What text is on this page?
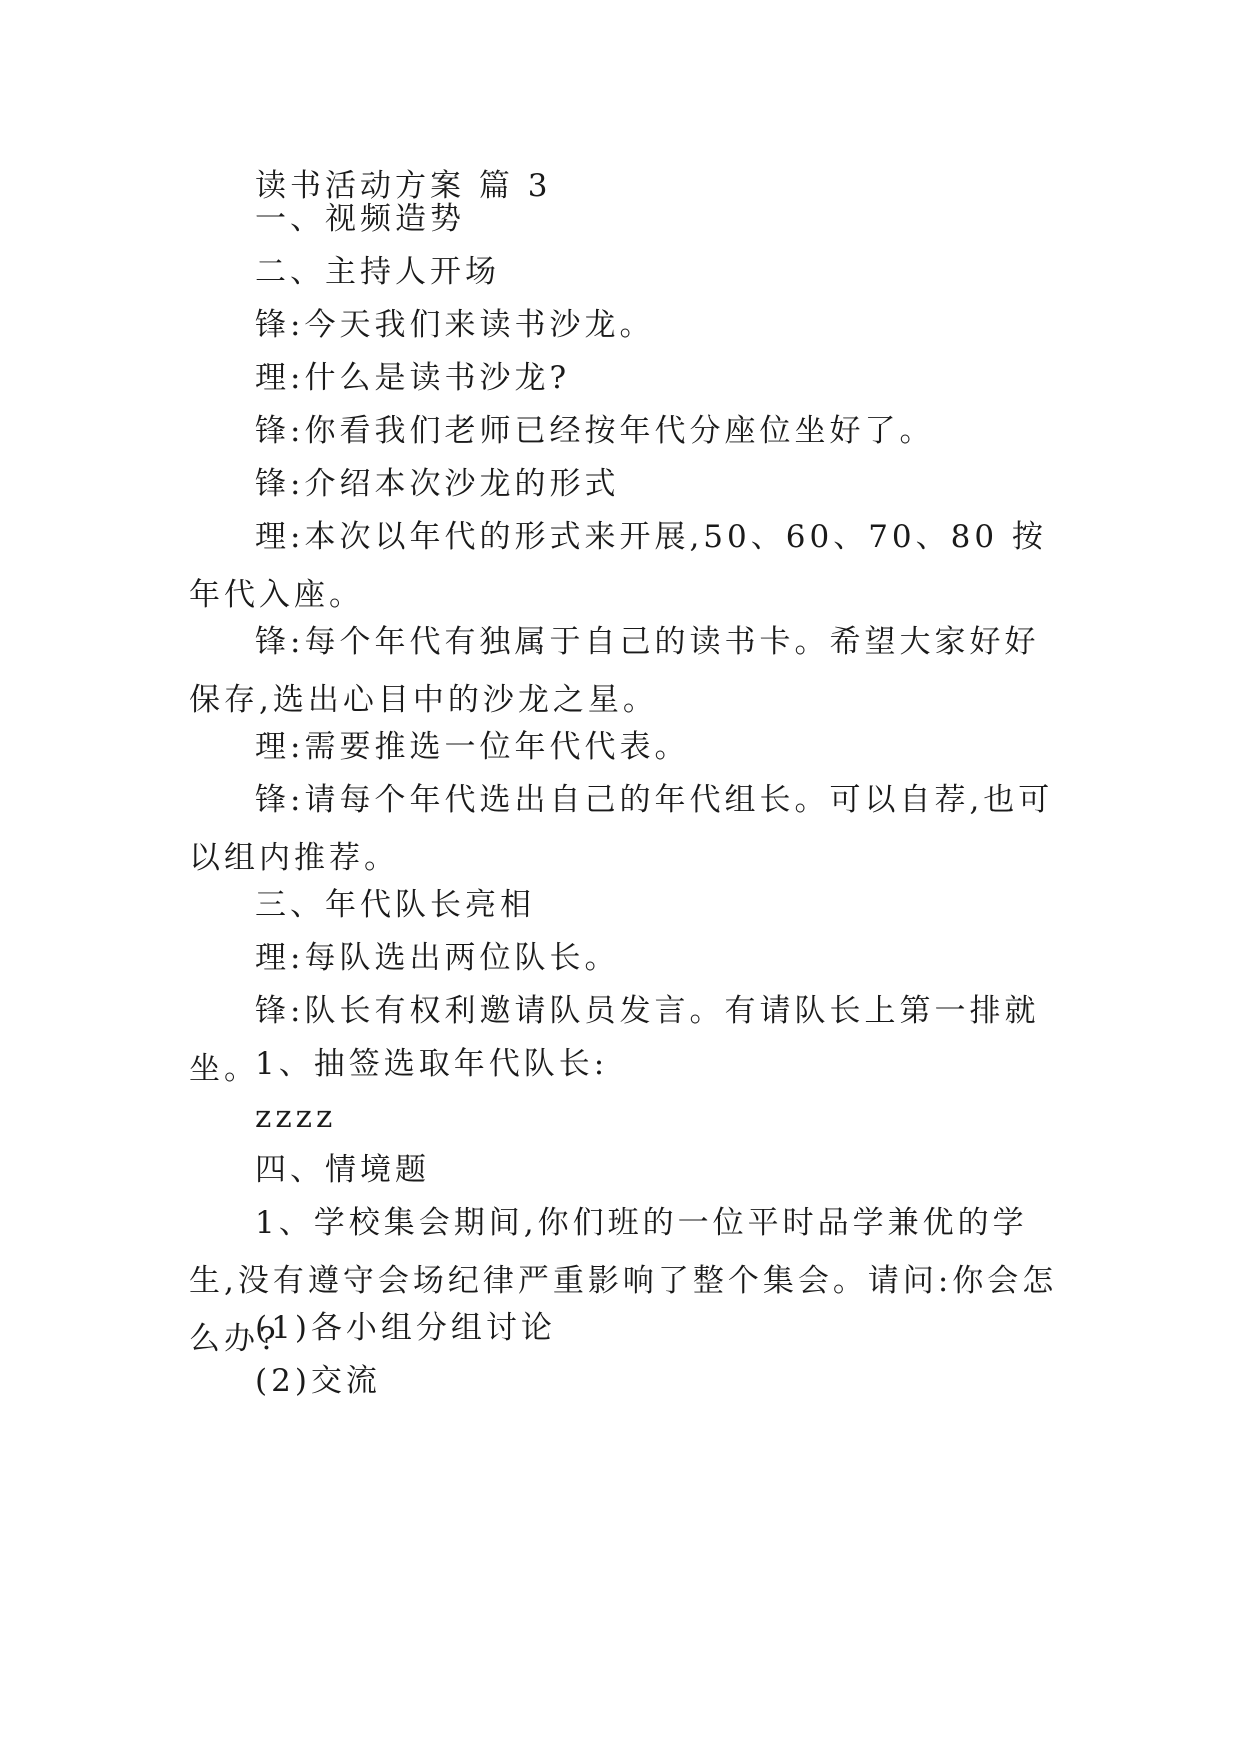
读书活动方案 篇 3

一、视频造势

二、主持人开场

锋:今天我们来读书沙龙。

理:什么是读书沙龙?

锋:你看我们老师已经按年代分座位坐好了。

锋:介绍本次沙龙的形式

理:本次以年代的形式来开展,50、60、70、80 按年代入座。

锋:每个年代有独属于自己的读书卡。希望大家好好保存,选出心目中的沙龙之星。

理:需要推选一位年代代表。

锋:请每个年代选出自己的年代组长。可以自荐,也可以组内推荐。

三、年代队长亮相

理:每队选出两位队长。

锋:队长有权利邀请队员发言。有请队长上第一排就坐。

1、抽签选取年代队长:

zzzz

四、情境题

1、学校集会期间,你们班的一位平时品学兼优的学生,没有遵守会场纪律严重影响了整个集会。请问:你会怎么办?

(1)各小组分组讨论

(2)交流
